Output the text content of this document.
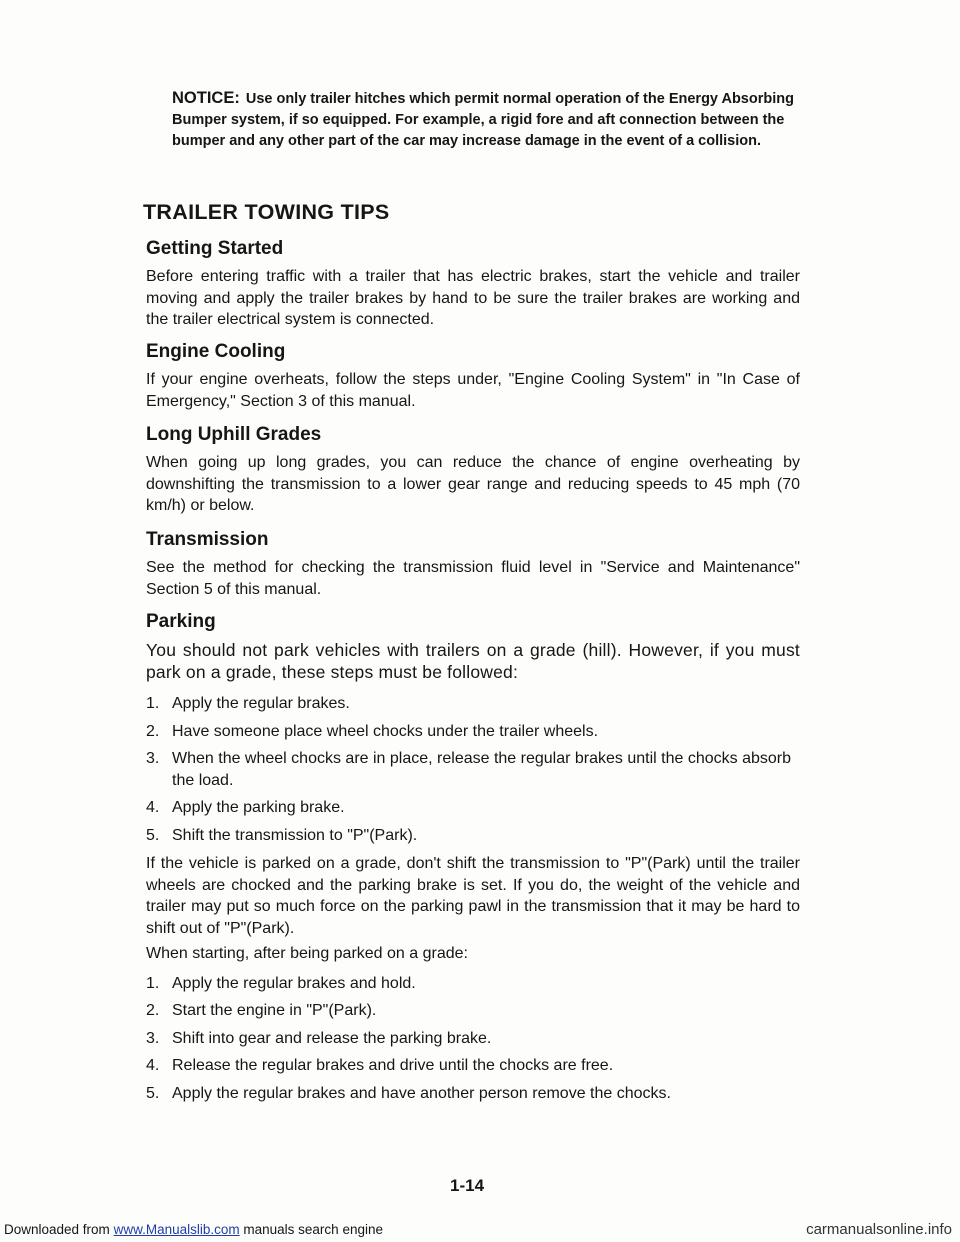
NOTICE: Use only trailer hitches which permit normal operation of the Energy Absorbing Bumper system, if so equipped. For example, a rigid fore and aft connection between the bumper and any other part of the car may increase damage in the event of a collision.
TRAILER TOWING TIPS
Getting Started

Before entering traffic with a trailer that has electric brakes, start the vehicle and trailer moving and apply the trailer brakes by hand to be sure the trailer brakes are working and the trailer electrical system is connected.

Engine Cooling

If your engine overheats, follow the steps under, "Engine Cooling System" in "In Case of Emergency," Section 3 of this manual.

Long Uphill Grades

When going up long grades, you can reduce the chance of engine overheating by downshifting the transmission to a lower gear range and reducing speeds to 45 mph (70 km/h) or below.

Transmission

See the method for checking the transmission fluid level in "Service and Maintenance" Section 5 of this manual.

Parking

You should not park vehicles with trailers on a grade (hill). However, if you must park on a grade, these steps must be followed:

1. Apply the regular brakes.
2. Have someone place wheel chocks under the trailer wheels.
3. When the wheel chocks are in place, release the regular brakes until the chocks absorb the load.
4. Apply the parking brake.
5. Shift the transmission to "P"(Park).

If the vehicle is parked on a grade, don't shift the transmission to "P"(Park) until the trailer wheels are chocked and the parking brake is set. If you do, the weight of the vehicle and trailer may put so much force on the parking pawl in the transmission that it may be hard to shift out of "P"(Park).

When starting, after being parked on a grade:

1. Apply the regular brakes and hold.
2. Start the engine in "P"(Park).
3. Shift into gear and release the parking brake.
4. Release the regular brakes and drive until the chocks are free.
5. Apply the regular brakes and have another person remove the chocks.
1-14
Downloaded from www.Manualslib.com manuals search engine	carmanualsonline.info
